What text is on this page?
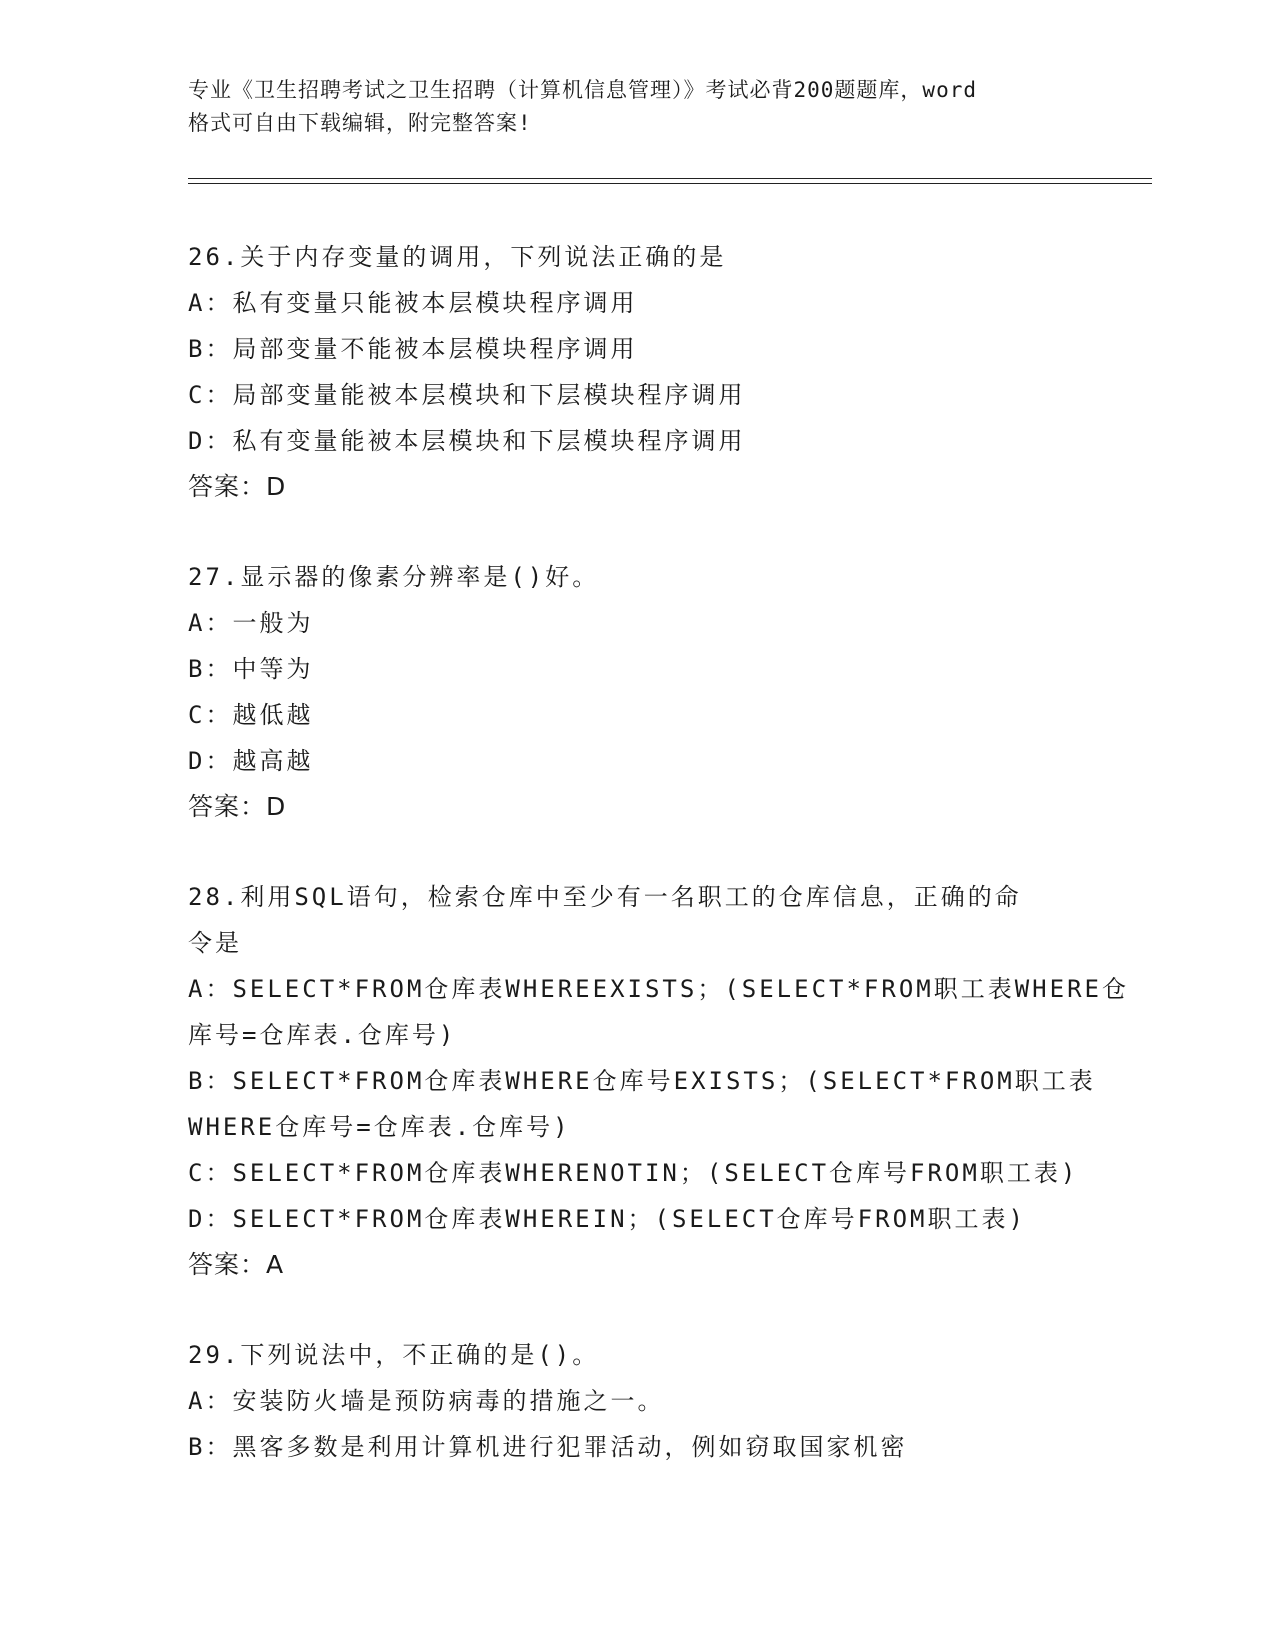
专业《卫生招聘考试之卫生招聘（计算机信息管理）》考试必背200题题库，word
格式可自由下载编辑，附完整答案!
26.关于内存变量的调用，下列说法正确的是
A：私有变量只能被本层模块程序调用
B：局部变量不能被本层模块程序调用
C：局部变量能被本层模块和下层模块程序调用
D：私有变量能被本层模块和下层模块程序调用
答案：D
27.显示器的像素分辨率是()好。
A：一般为
B：中等为
C：越低越
D：越高越
答案：D
28.利用SQL语句，检索仓库中至少有一名职工的仓库信息，正确的命
令是
A：SELECT*FROM仓库表WHEREEXISTS；(SELECT*FROM职工表WHERE仓
库号=仓库表.仓库号)
B：SELECT*FROM仓库表WHERE仓库号EXISTS；(SELECT*FROM职工表
WHERE仓库号=仓库表.仓库号)
C：SELECT*FROM仓库表WHERENOTIN；(SELECT仓库号FROM职工表)
D：SELECT*FROM仓库表WHEREIN；(SELECT仓库号FROM职工表)
答案：A
29.下列说法中，不正确的是()。
A：安装防火墙是预防病毒的措施之一。
B：黑客多数是利用计算机进行犯罪活动，例如窃取国家机密
